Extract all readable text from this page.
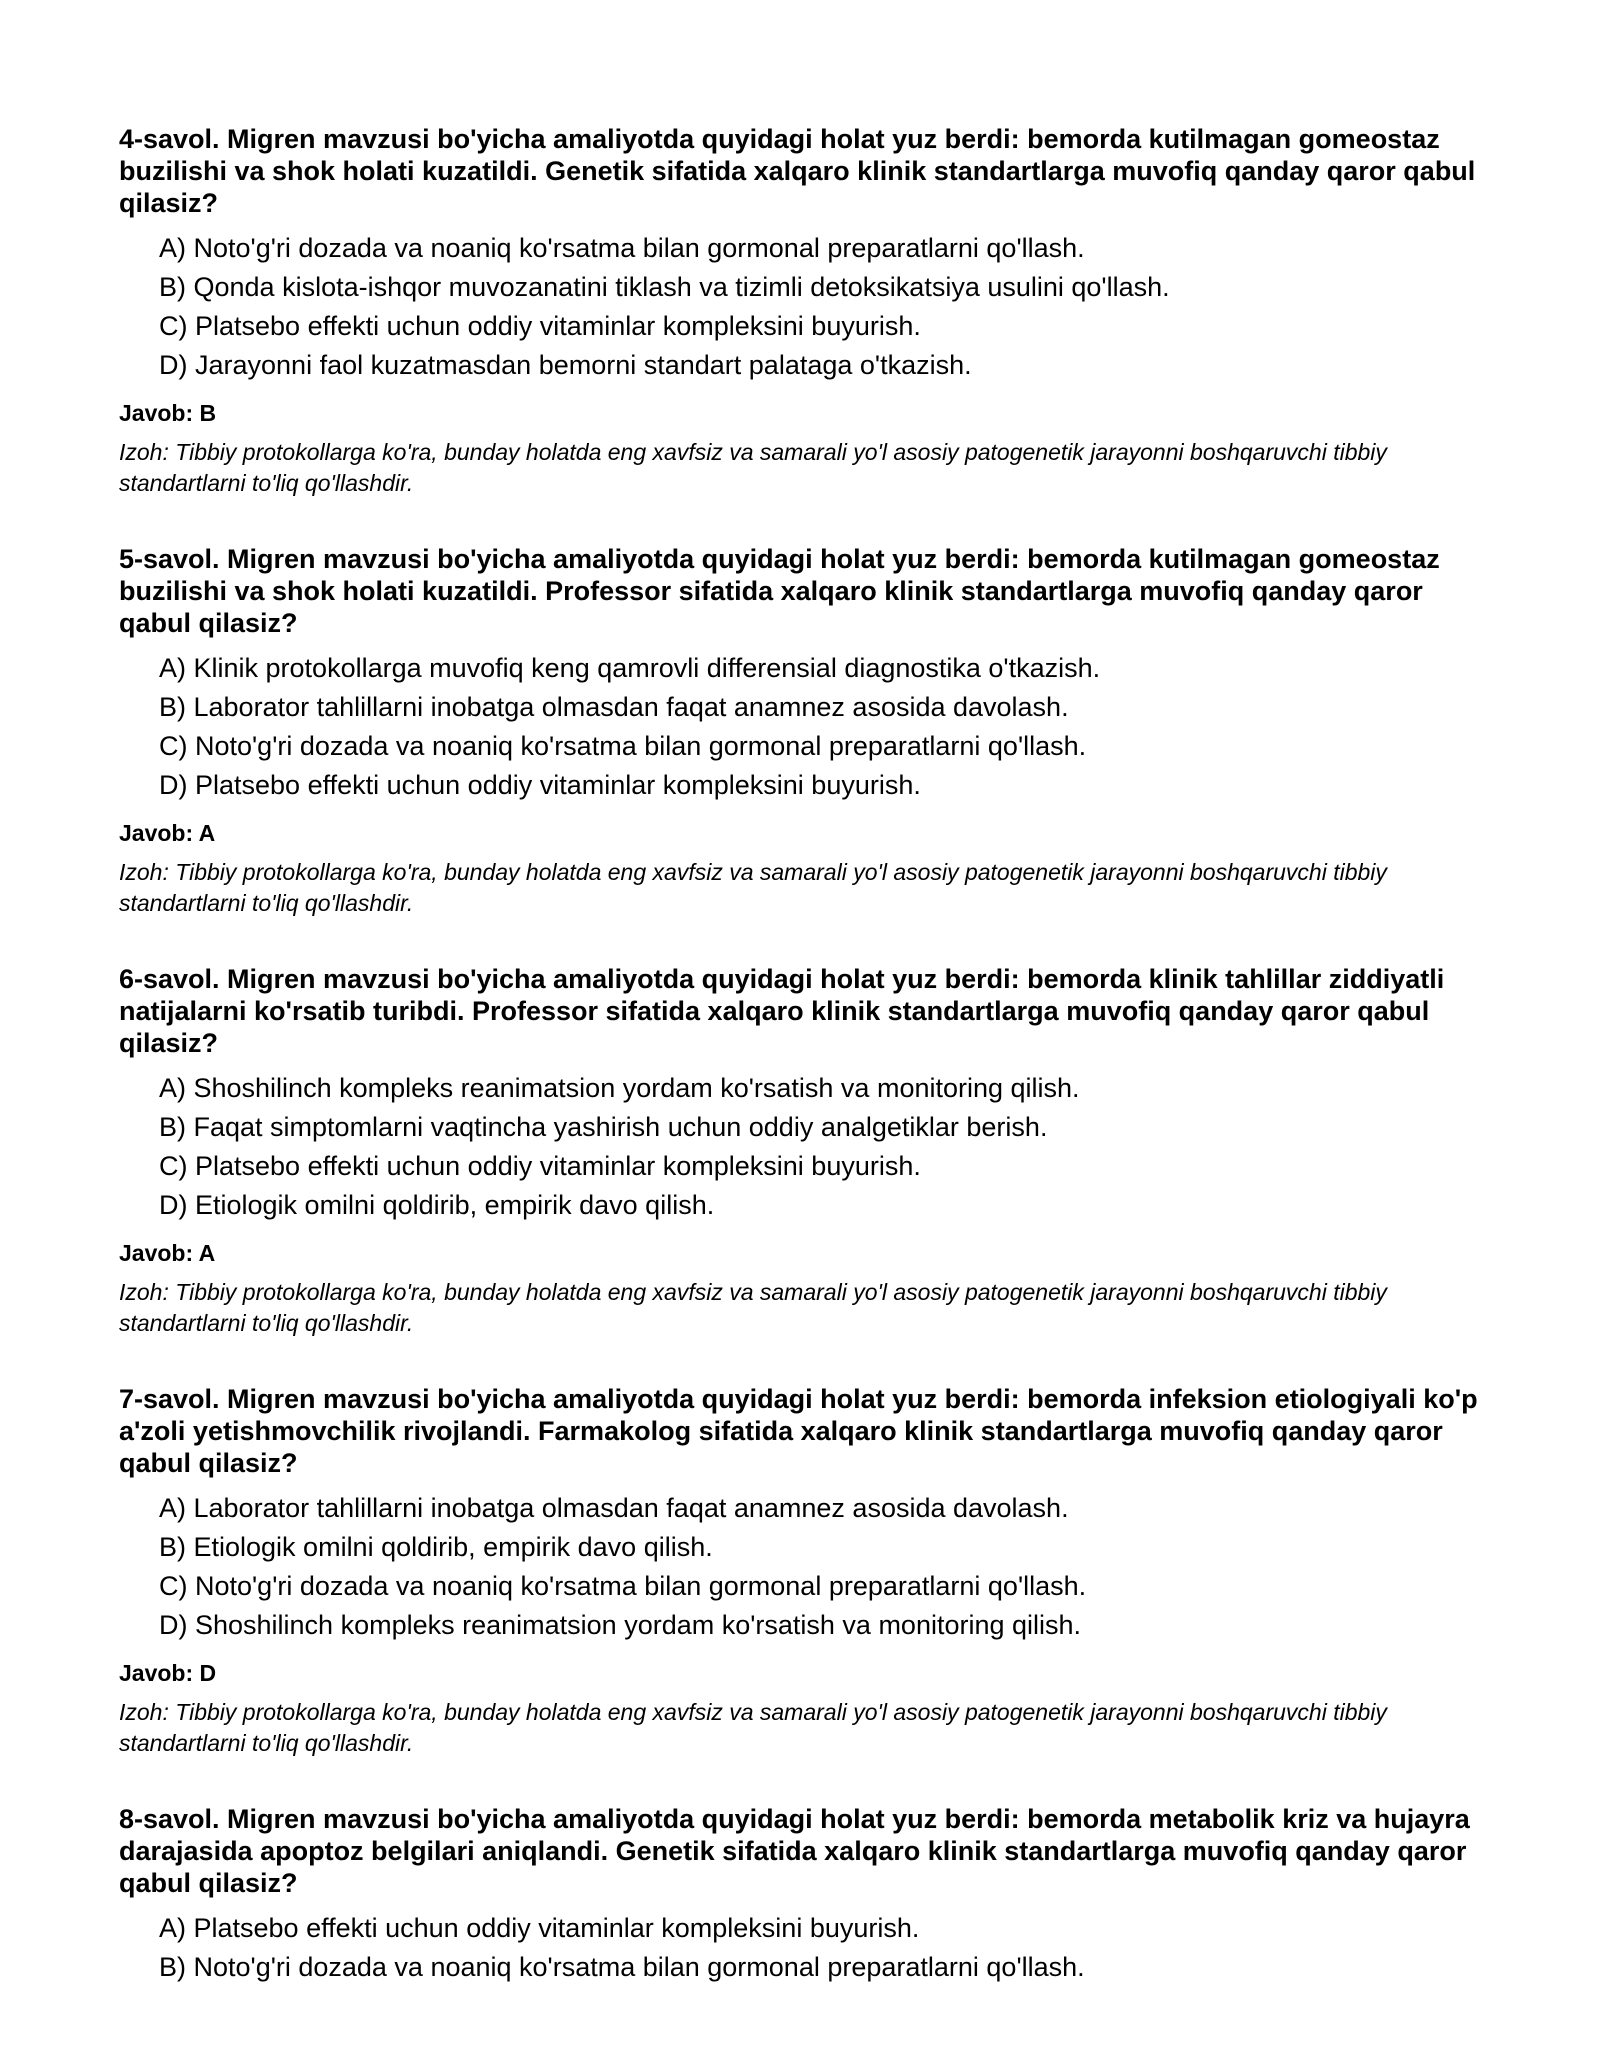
4-savol. Migren mavzusi bo'yicha amaliyotda quyidagi holat yuz berdi: bemorda kutilmagan gomeostaz buzilishi va shok holati kuzatildi. Genetik sifatida xalqaro klinik standartlarga muvofiq qanday qaror qabul qilasiz?

A) Noto'g'ri dozada va noaniq ko'rsatma bilan gormonal preparatlarni qo'llash.
B) Qonda kislota-ishqor muvozanatini tiklash va tizimli detoksikatsiya usulini qo'llash.
C) Platsebo effekti uchun oddiy vitaminlar kompleksini buyurish.
D) Jarayonni faol kuzatmasdan bemorni standart palataga o'tkazish.

Javob: B

Izoh: Tibbiy protokollarga ko'ra, bunday holatda eng xavfsiz va samarali yo'l asosiy patogenetik jarayonni boshqaruvchi tibbiy standartlarni to'liq qo'llashdir.

5-savol. Migren mavzusi bo'yicha amaliyotda quyidagi holat yuz berdi: bemorda kutilmagan gomeostaz buzilishi va shok holati kuzatildi. Professor sifatida xalqaro klinik standartlarga muvofiq qanday qaror qabul qilasiz?

A) Klinik protokollarga muvofiq keng qamrovli differensial diagnostika o'tkazish.
B) Laborator tahlillarni inobatga olmasdan faqat anamnez asosida davolash.
C) Noto'g'ri dozada va noaniq ko'rsatma bilan gormonal preparatlarni qo'llash.
D) Platsebo effekti uchun oddiy vitaminlar kompleksini buyurish.

Javob: A

Izoh: Tibbiy protokollarga ko'ra, bunday holatda eng xavfsiz va samarali yo'l asosiy patogenetik jarayonni boshqaruvchi tibbiy standartlarni to'liq qo'llashdir.

6-savol. Migren mavzusi bo'yicha amaliyotda quyidagi holat yuz berdi: bemorda klinik tahlillar ziddiyatli natijalarni ko'rsatib turibdi. Professor sifatida xalqaro klinik standartlarga muvofiq qanday qaror qabul qilasiz?

A) Shoshilinch kompleks reanimatsion yordam ko'rsatish va monitoring qilish.
B) Faqat simptomlarni vaqtincha yashirish uchun oddiy analgetiklar berish.
C) Platsebo effekti uchun oddiy vitaminlar kompleksini buyurish.
D) Etiologik omilni qoldirib, empirik davo qilish.

Javob: A

Izoh: Tibbiy protokollarga ko'ra, bunday holatda eng xavfsiz va samarali yo'l asosiy patogenetik jarayonni boshqaruvchi tibbiy standartlarni to'liq qo'llashdir.

7-savol. Migren mavzusi bo'yicha amaliyotda quyidagi holat yuz berdi: bemorda infeksion etiologiyali ko'p a'zoli yetishmovchilik rivojlandi. Farmakolog sifatida xalqaro klinik standartlarga muvofiq qanday qaror qabul qilasiz?

A) Laborator tahlillarni inobatga olmasdan faqat anamnez asosida davolash.
B) Etiologik omilni qoldirib, empirik davo qilish.
C) Noto'g'ri dozada va noaniq ko'rsatma bilan gormonal preparatlarni qo'llash.
D) Shoshilinch kompleks reanimatsion yordam ko'rsatish va monitoring qilish.

Javob: D

Izoh: Tibbiy protokollarga ko'ra, bunday holatda eng xavfsiz va samarali yo'l asosiy patogenetik jarayonni boshqaruvchi tibbiy standartlarni to'liq qo'llashdir.

8-savol. Migren mavzusi bo'yicha amaliyotda quyidagi holat yuz berdi: bemorda metabolik kriz va hujayra darajasida apoptoz belgilari aniqlandi. Genetik sifatida xalqaro klinik standartlarga muvofiq qanday qaror qabul qilasiz?

A) Platsebo effekti uchun oddiy vitaminlar kompleksini buyurish.
B) Noto'g'ri dozada va noaniq ko'rsatma bilan gormonal preparatlarni qo'llash.
